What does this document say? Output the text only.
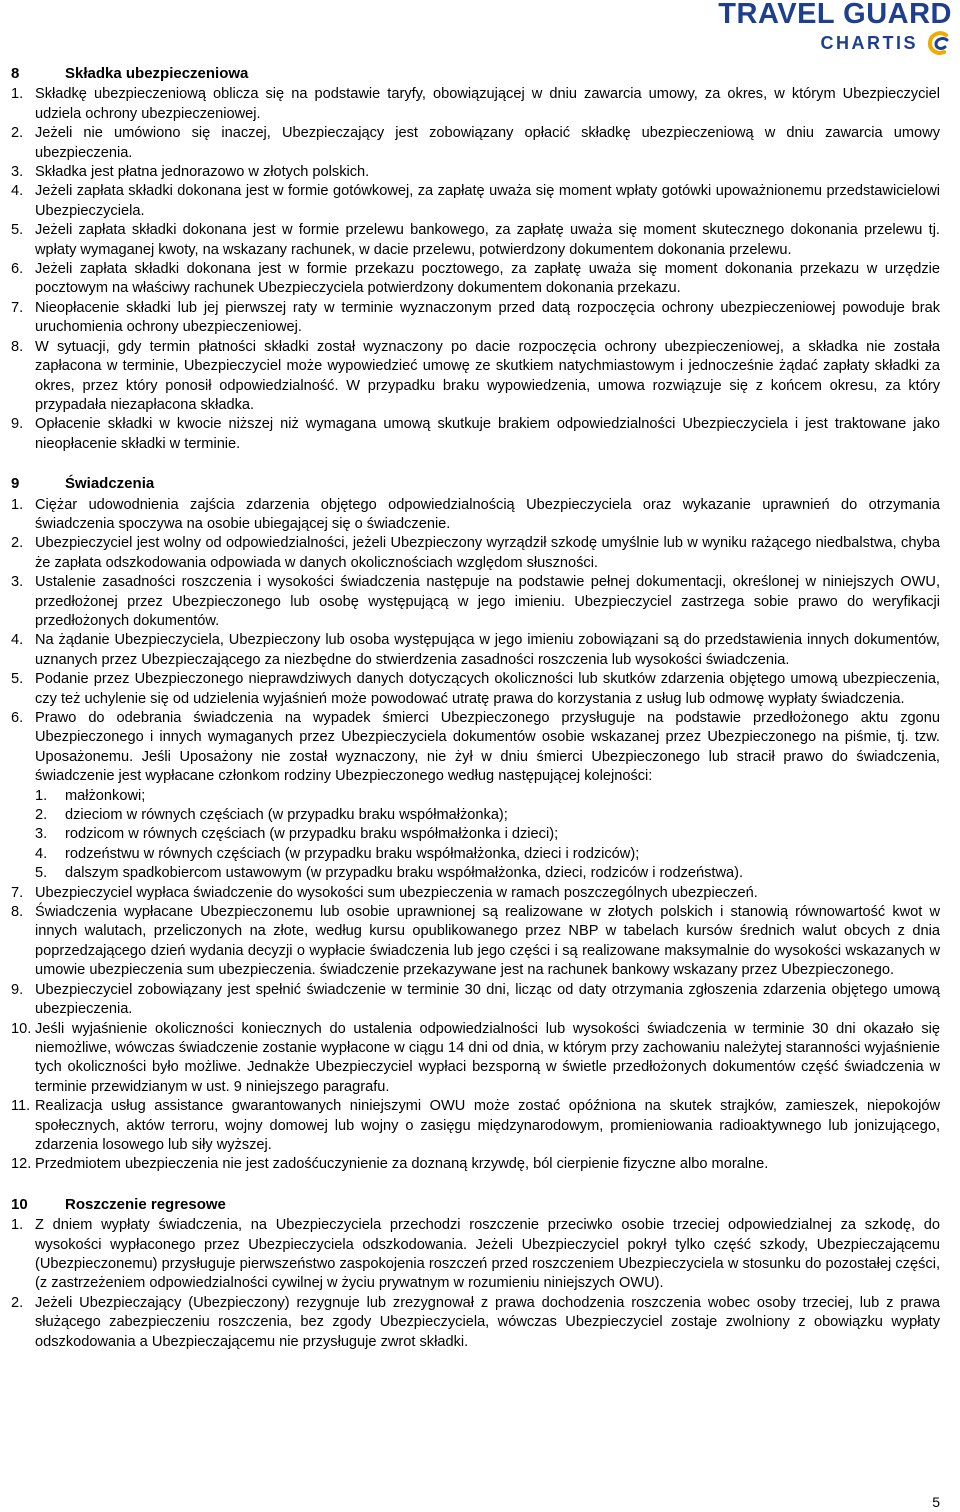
TRAVEL GUARD
CHARTIS
8	Składka ubezpieczeniowa
1. Składkę ubezpieczeniową oblicza się na podstawie taryfy, obowiązującej w dniu zawarcia umowy, za okres, w którym Ubezpieczyciel udziela ochrony ubezpieczeniowej.
2. Jeżeli nie umówiono się inaczej, Ubezpieczający jest zobowiązany opłacić składkę ubezpieczeniową w dniu zawarcia umowy ubezpieczenia.
3. Składka jest płatna jednorazowo w złotych polskich.
4. Jeżeli zapłata składki dokonana jest w formie gotówkowej, za zapłatę uważa się moment wpłaty gotówki upoważnionemu przedstawicielowi Ubezpieczyciela.
5. Jeżeli zapłata składki dokonana jest w formie przelewu bankowego, za zapłatę uważa się moment skutecznego dokonania przelewu tj. wpłaty wymaganej kwoty, na wskazany rachunek, w dacie przelewu, potwierdzony dokumentem dokonania przelewu.
6. Jeżeli zapłata składki dokonana jest w formie przekazu pocztowego, za zapłatę uważa się moment dokonania przekazu w urzędzie pocztowym na właściwy rachunek Ubezpieczyciela potwierdzony dokumentem dokonania przekazu.
7. Nieopłacenie składki lub jej pierwszej raty w terminie wyznaczonym przed datą rozpoczęcia ochrony ubezpieczeniowej powoduje brak uruchomienia ochrony ubezpieczeniowej.
8. W sytuacji, gdy termin płatności składki został wyznaczony po dacie rozpoczęcia ochrony ubezpieczeniowej, a składka nie została zapłacona w terminie, Ubezpieczyciel może wypowiedzieć umowę ze skutkiem natychmiastowym i jednocześnie żądać zapłaty składki za okres, przez który ponosił odpowiedzialność. W przypadku braku wypowiedzenia, umowa rozwiązuje się z końcem okresu, za który przypadała niezapłacona składka.
9. Opłacenie składki w kwocie niższej niż wymagana umową skutkuje brakiem odpowiedzialności Ubezpieczyciela i jest traktowane jako nieopłacenie składki w terminie.
9	Świadczenia
1. Ciężar udowodnienia zajścia zdarzenia objętego odpowiedzialnością Ubezpieczyciela oraz wykazanie uprawnień do otrzymania świadczenia spoczywa na osobie ubiegającej się o świadczenie.
2. Ubezpieczyciel jest wolny od odpowiedzialności, jeżeli Ubezpieczony wyrządził szkodę umyślnie lub w wyniku rażącego niedbalstwa, chyba że zapłata odszkodowania odpowiada w danych okolicznościach względom słuszności.
3. Ustalenie zasadności roszczenia i wysokości świadczenia następuje na podstawie pełnej dokumentacji, określonej w niniejszych OWU, przedłożonej przez Ubezpieczonego lub osobę występującą w jego imieniu. Ubezpieczyciel zastrzega sobie prawo do weryfikacji przedłożonych dokumentów.
4. Na żądanie Ubezpieczyciela, Ubezpieczony lub osoba występująca w jego imieniu zobowiązani są do przedstawienia innych dokumentów, uznanych przez Ubezpieczającego za niezbędne do stwierdzenia zasadności roszczenia lub wysokości świadczenia.
5. Podanie przez Ubezpieczonego nieprawdziwych danych dotyczących okoliczności lub skutków zdarzenia objętego umową ubezpieczenia, czy też uchylenie się od udzielenia wyjaśnień może powodować utratę prawa do korzystania z usług lub odmowę wypłaty świadczenia.
6. Prawo do odebrania świadczenia na wypadek śmierci Ubezpieczonego przysługuje na podstawie przedłożonego aktu zgonu Ubezpieczonego i innych wymaganych przez Ubezpieczyciela dokumentów osobie wskazanej przez Ubezpieczonego na piśmie, tj. tzw. Uposażonemu. Jeśli Uposażony nie został wyznaczony, nie żył w dniu śmierci Ubezpieczonego lub stracił prawo do świadczenia, świadczenie jest wypłacane członkom rodziny Ubezpieczonego według następującej kolejności:
1.	małżonkowi;
2.	dzieciom w równych częściach (w przypadku braku współmałżonka);
3.	rodzicom w równych częściach (w przypadku braku współmałżonka i dzieci);
4.	rodzeństwu w równych częściach (w przypadku braku współmałżonka, dzieci i rodziców);
5.	dalszym spadkobiercom ustawowym (w przypadku braku współmałżonka, dzieci, rodziców i rodzeństwa).
7. Ubezpieczyciel wypłaca świadczenie do wysokości sum ubezpieczenia w ramach poszczególnych ubezpieczeń.
8. Świadczenia wypłacane Ubezpieczonemu lub osobie uprawnionej są realizowane w złotych polskich i stanowią równowartość kwot w innych walutach, przeliczonych na złote, według kursu opublikowanego przez NBP w tabelach kursów średnich walut obcych z dnia poprzedzającego dzień wydania decyzji o wypłacie świadczenia lub jego części i są realizowane maksymalnie do wysokości wskazanych w umowie ubezpieczenia sum ubezpieczenia. świadczenie przekazywane jest na rachunek bankowy wskazany przez Ubezpieczonego.
9. Ubezpieczyciel zobowiązany jest spełnić świadczenie w terminie 30 dni, licząc od daty otrzymania zgłoszenia zdarzenia objętego umową ubezpieczenia.
10. Jeśli wyjaśnienie okoliczności koniecznych do ustalenia odpowiedzialności lub wysokości świadczenia w terminie 30 dni okazało się niemożliwe, wówczas świadczenie zostanie wypłacone w ciągu 14 dni od dnia, w którym przy zachowaniu należytej staranności wyjaśnienie tych okoliczności było możliwe. Jednakże Ubezpieczyciel wypłaci bezsporną w świetle przedłożonych dokumentów część świadczenia w terminie przewidzianym w ust. 9 niniejszego paragrafu.
11. Realizacja usług assistance gwarantowanych niniejszymi OWU może zostać opóźniona na skutek strajków, zamieszek, niepokojów społecznych, aktów terroru, wojny domowej lub wojny o zasięgu międzynarodowym, promieniowania radioaktywnego lub jonizującego, zdarzenia losowego lub siły wyższej.
12. Przedmiotem ubezpieczenia nie jest zadośćuczynienie za doznaną krzywdę, ból cierpienie fizyczne albo moralne.
10	Roszczenie regresowe
1. Z dniem wypłaty świadczenia, na Ubezpieczyciela przechodzi roszczenie przeciwko osobie trzeciej odpowiedzialnej za szkodę, do wysokości wypłaconego przez Ubezpieczyciela odszkodowania. Jeżeli Ubezpieczyciel pokrył tylko część szkody, Ubezpieczającemu (Ubezpieczonemu) przysługuje pierwszeństwo zaspokojenia roszczeń przed roszczeniem Ubezpieczyciela w stosunku do pozostałej części, (z zastrzeżeniem odpowiedzialności cywilnej w życiu prywatnym w rozumieniu niniejszych OWU).
2. Jeżeli Ubezpieczający (Ubezpieczony) rezygnuje lub zrezygnował z prawa dochodzenia roszczenia wobec osoby trzeciej, lub z prawa służącego zabezpieczeniu roszczenia, bez zgody Ubezpieczyciela, wówczas Ubezpieczyciel zostaje zwolniony z obowiązku wypłaty odszkodowania a Ubezpieczającemu nie przysługuje zwrot składki.
5
